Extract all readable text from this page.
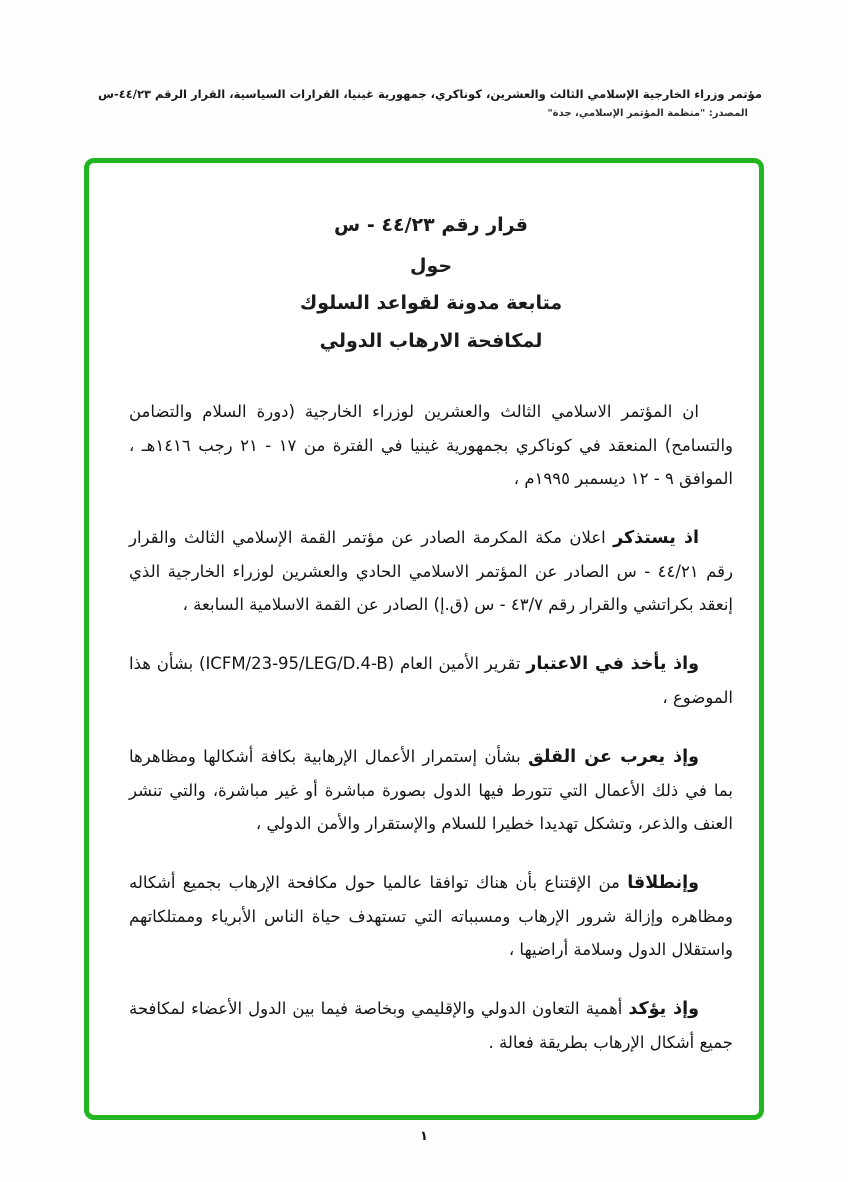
مؤتمر وزراء الخارجية الإسلامي الثالث والعشرين، كوناكري، جمهورية غينيا، القرارات السياسية، القرار الرقم ٤٤/٢٣-س
المصدر: "منظمة المؤتمر الإسلامي، جدة"
قرار رقم ٤٤/٢٣ - س
حول
متابعة مدونة لقواعد السلوك
لمكافحة الارهاب الدولي

ان المؤتمر الاسلامي الثالث والعشرين لوزراء الخارجية (دورة السلام والتضامن والتسامح) المنعقد في كوناكري بجمهورية غينيا في الفترة من ١٧ - ٢١ رجب ١٤١٦هـ ، الموافق ٩ - ١٢ ديسمبر ١٩٩٥م ،

اذ يستذكر اعلان مكة المكرمة الصادر عن مؤتمر القمة الإسلامي الثالث والقرار رقم ٤٤/٢١ - س الصادر عن المؤتمر الاسلامي الحادي والعشرين لوزراء الخارجية الذي إنعقد بكراتشي والقرار رقم ٤٣/٧ - س (ق.إ) الصادر عن القمة الاسلامية السابعة ،

واذ يأخذ في الاعتبار تقرير الأمين العام (ICFM/23-95/LEG/D.4-B) بشأن هذا الموضوع ،

وإذ يعرب عن القلق بشأن إستمرار الأعمال الإرهابية بكافة أشكالها ومظاهرها بما في ذلك الأعمال التي تتورط فيها الدول بصورة مباشرة أو غير مباشرة، والتي تنشر العنف والذعر، وتشكل تهديدا خطيرا للسلام والإستقرار والأمن الدولي ،

وإنطلاقا من الإقتناع بأن هناك توافقا عالميا حول مكافحة الإرهاب بجميع أشكاله ومظاهره وإزالة شرور الإرهاب ومسبباته التي تستهدف حياة الناس الأبرياء وممتلكاتهم واستقلال الدول وسلامة أراضيها ،

وإذ يؤكد أهمية التعاون الدولي والإقليمي وبخاصة فيما بين الدول الأعضاء لمكافحة جميع أشكال الإرهاب بطريقة فعالة .

١
